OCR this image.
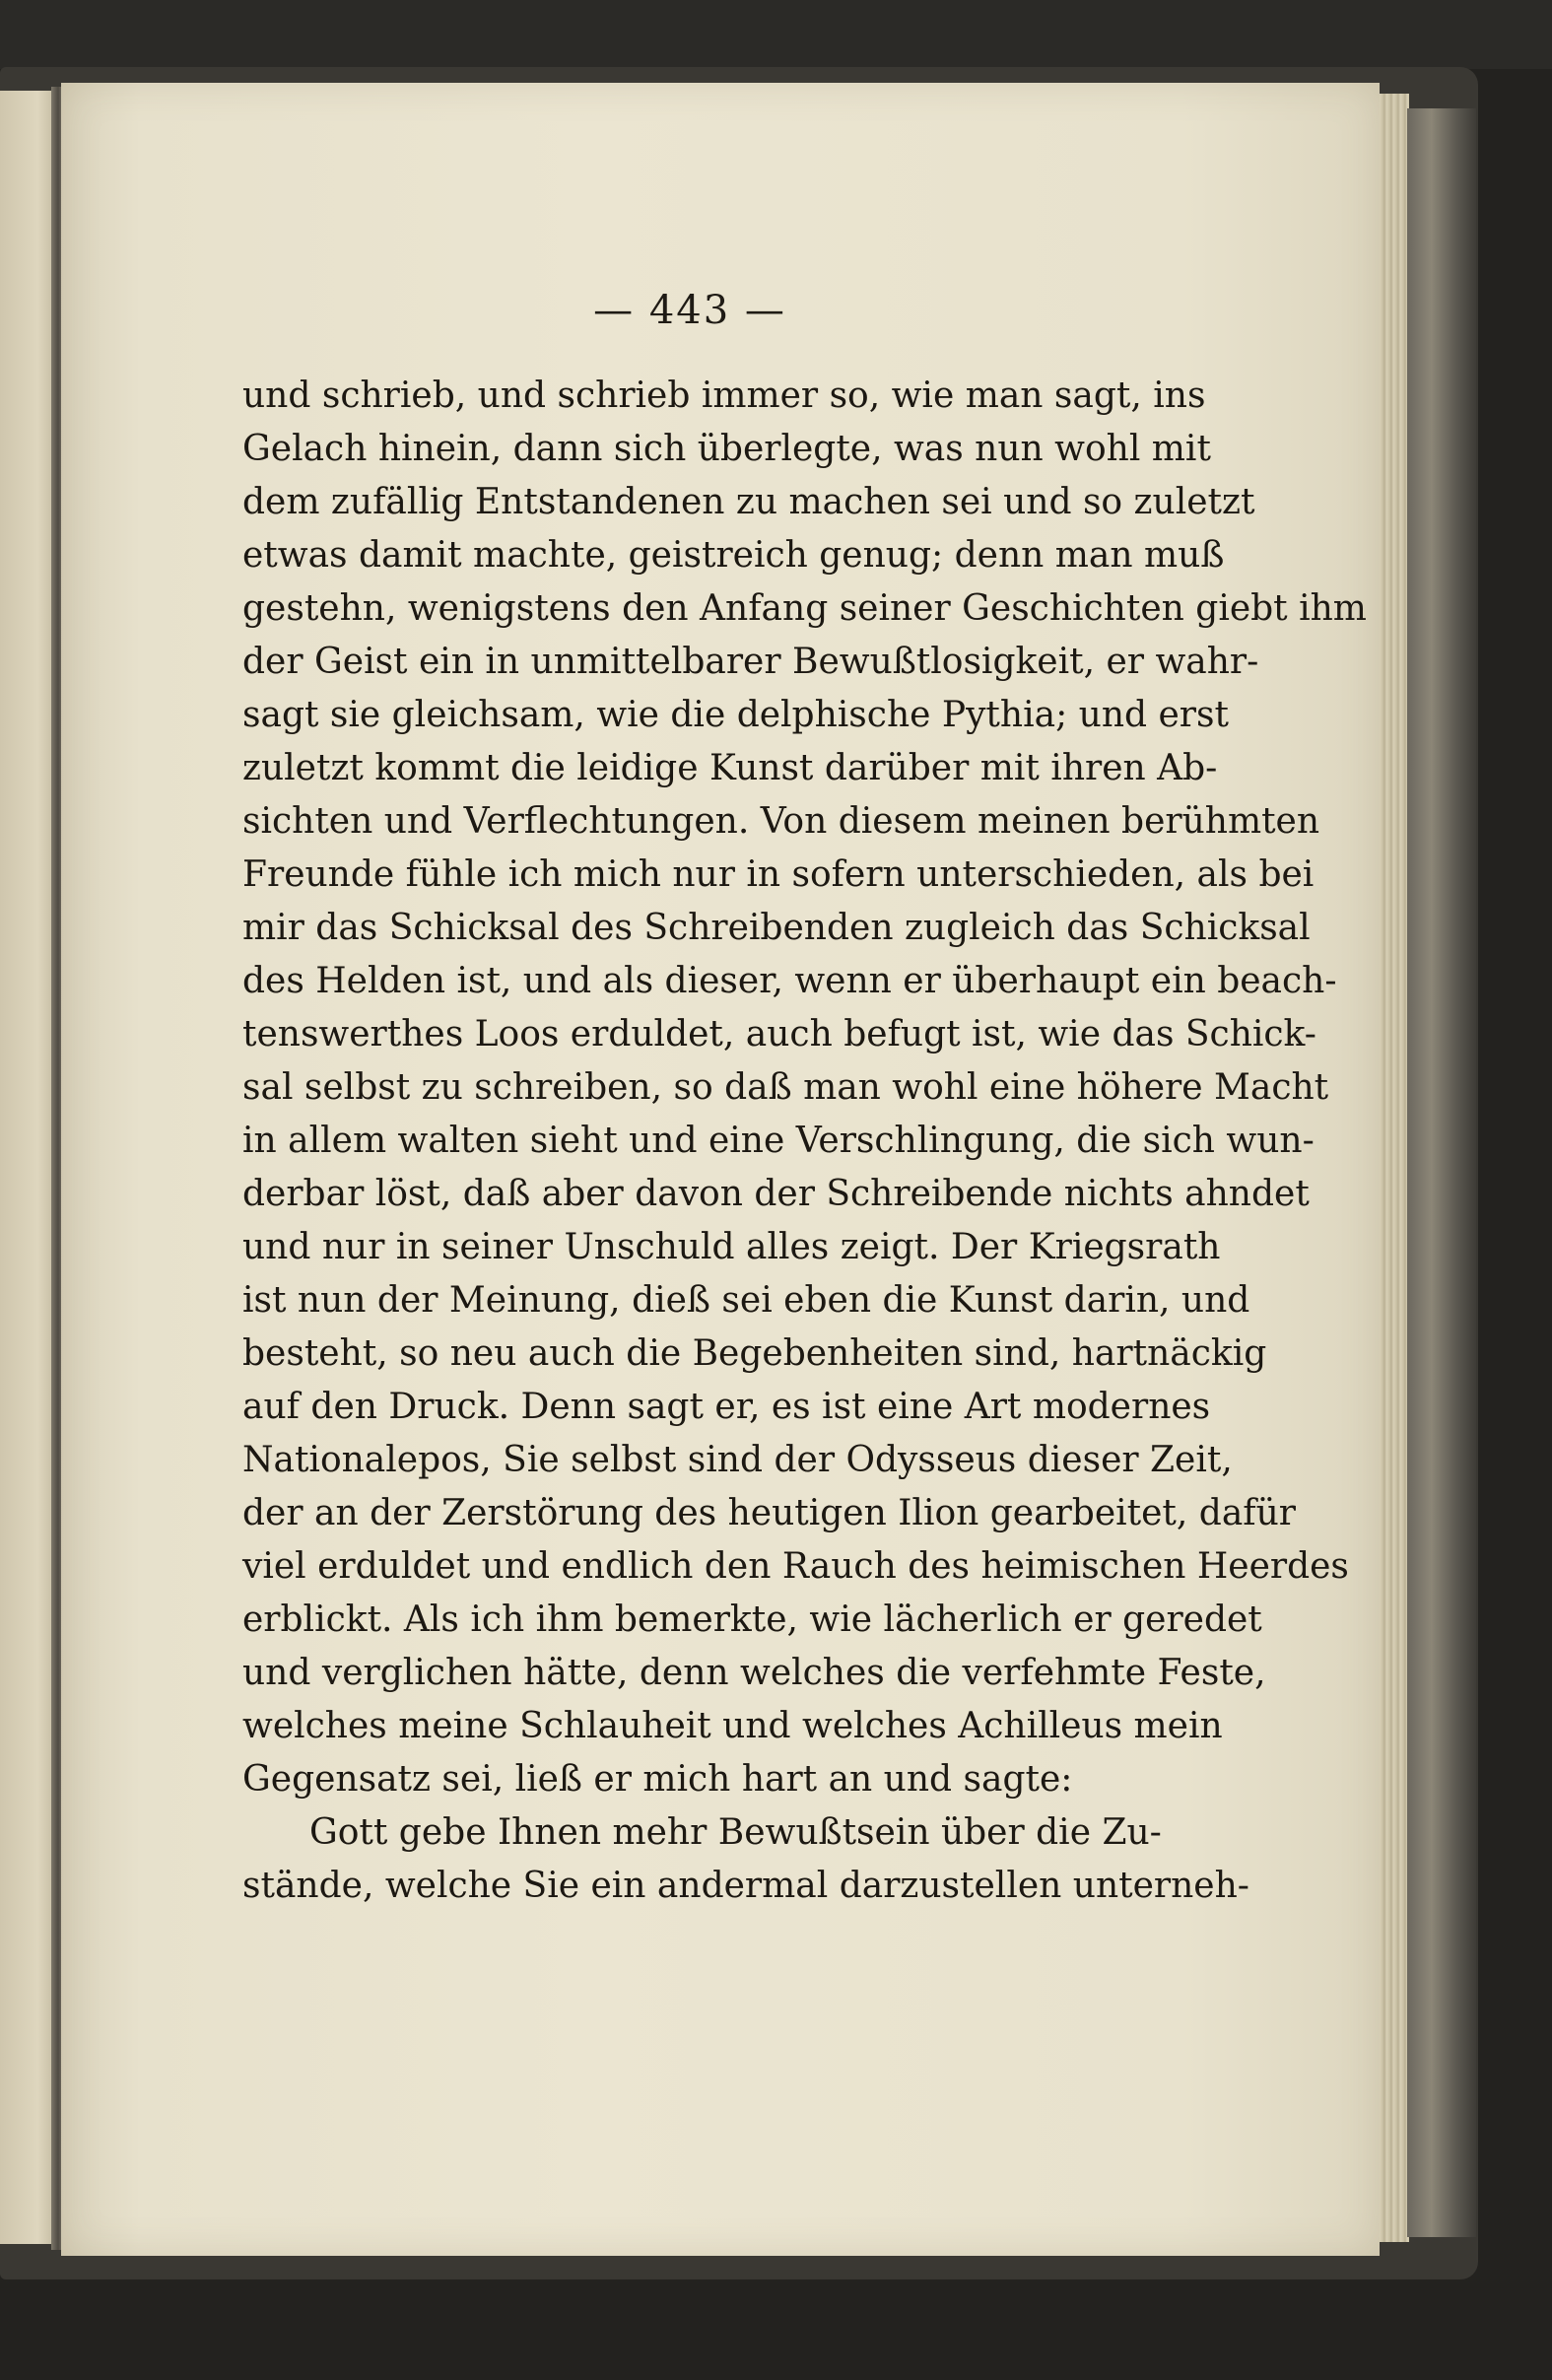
— 443 —
und schrieb, und schrieb immer so, wie man sagt, ins
Gelach hinein, dann sich überlegte, was nun wohl mit
dem zufällig Entstandenen zu machen sei und so zuletzt
etwas damit machte, geistreich genug; denn man muß
gestehn, wenigstens den Anfang seiner Geschichten giebt ihm
der Geist ein in unmittelbarer Bewußtlosigkeit, er wahr-
sagt sie gleichsam, wie die delphische Pythia; und erst
zuletzt kommt die leidige Kunst darüber mit ihren Ab-
sichten und Verflechtungen. Von diesem meinen berühmten
Freunde fühle ich mich nur in sofern unterschieden, als bei
mir das Schicksal des Schreibenden zugleich das Schicksal
des Helden ist, und als dieser, wenn er überhaupt ein beach-
tenswerthes Loos erduldet, auch befugt ist, wie das Schick-
sal selbst zu schreiben, so daß man wohl eine höhere Macht
in allem walten sieht und eine Verschlingung, die sich wun-
derbar löst, daß aber davon der Schreibende nichts ahndet
und nur in seiner Unschuld alles zeigt. Der Kriegsrath
ist nun der Meinung, dieß sei eben die Kunst darin, und
besteht, so neu auch die Begebenheiten sind, hartnäckig
auf den Druck. Denn sagt er, es ist eine Art modernes
Nationalepos, Sie selbst sind der Odysseus dieser Zeit,
der an der Zerstörung des heutigen Ilion gearbeitet, dafür
viel erduldet und endlich den Rauch des heimischen Heerdes
erblickt. Als ich ihm bemerkte, wie lächerlich er geredet
und verglichen hätte, denn welches die verfehmte Feste,
welches meine Schlauheit und welches Achilleus mein
Gegensatz sei, ließ er mich hart an und sagte:
Gott gebe Ihnen mehr Bewußtsein über die Zu-
stände, welche Sie ein andermal darzustellen unterneh-
